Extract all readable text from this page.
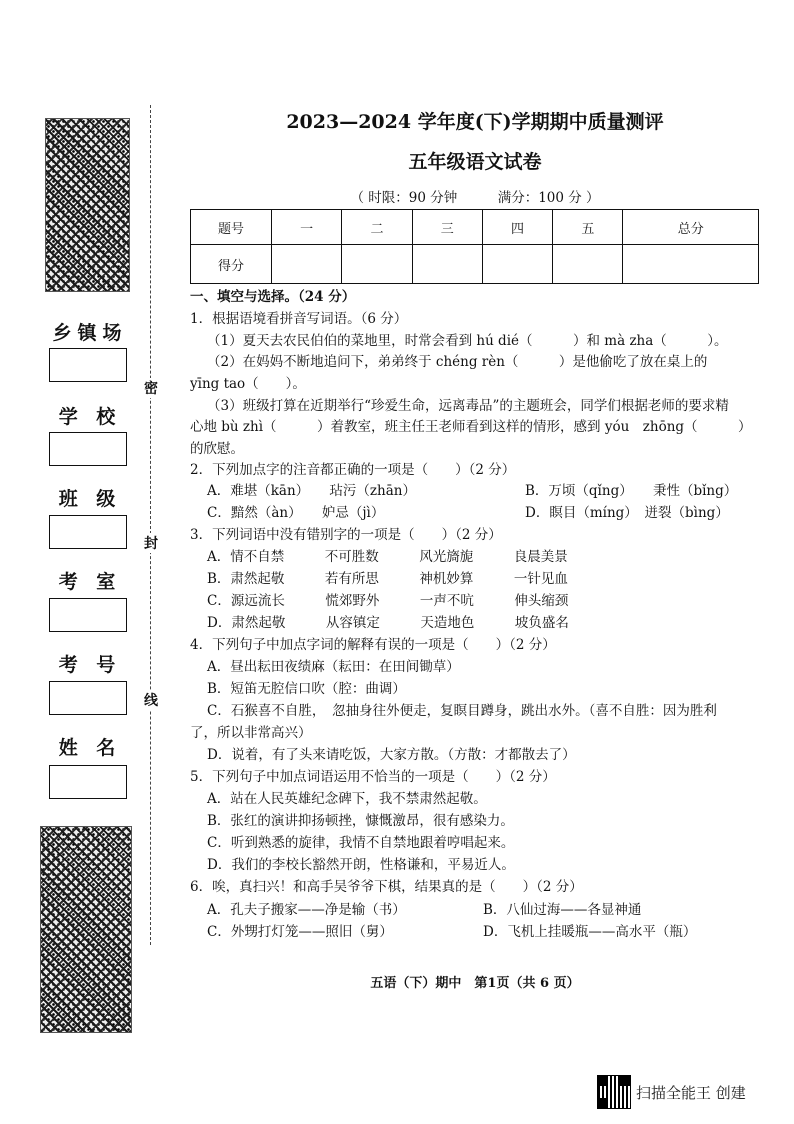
乡镇场
学 校
班 级
考 室
考 号
姓 名
密
封
线
2023—2024 学年度(下)学期期中质量测评
五年级语文试卷
（ 时限：90 分钟　　　满分：100 分 ）
题号	一	二	三	四	五	总分
得分						
一、填空与选择。（24 分）
1．根据语境看拼音写词语。（6 分）
（1）夏天去农民伯伯的菜地里，时常会看到 hú dié（　　　）和 mà zha（　　　）。
（2）在妈妈不断地追问下，弟弟终于 chéng rèn（　　　）是他偷吃了放在桌上的
yīng tao（　　）。
（3）班级打算在近期举行“珍爱生命，远离毒品”的主题班会，同学们根据老师的要求精
心地 bù zhì（　　　）着教室，班主任王老师看到这样的情形，感到 yóu　zhōng（　　　）
的欣慰。
2．下列加点字的注音都正确的一项是（　　）（2 分）
A．难堪（kān）　　玷污（zhān）	B．万顷（qǐng）　　秉性（bǐng）
C．黯然（àn）　　妒忌（jì）	D．瞑目（míng）　迸裂（bìng）
3．下列词语中没有错别字的一项是（　　）（2 分）
A．情不自禁　　　不可胜数　　　风光旖旎　　　良晨美景
B．肃然起敬　　　若有所思　　　神机妙算　　　一针见血
C．源远流长　　　慌郊野外　　　一声不吭　　　伸头缩颈
D．肃然起敬　　　从容镇定　　　天造地色　　　坡负盛名
4．下列句子中加点字词的解释有误的一项是（　　）（2 分）
A．昼出耘田夜绩麻（耘田：在田间锄草）
B．短笛无腔信口吹（腔：曲调）
C．石猴喜不自胜，　忽抽身往外便走，复瞑目蹲身，跳出水外。（喜不自胜：因为胜利
了，所以非常高兴）
D．说着，有了头来请吃饭，大家方散。（方散：才都散去了）
5．下列句子中加点词语运用不恰当的一项是（　　）（2 分）
A．站在人民英雄纪念碑下，我不禁肃然起敬。
B．张红的演讲抑扬顿挫，慷慨激昂，很有感染力。
C．听到熟悉的旋律，我情不自禁地跟着哼唱起来。
D．我们的李校长豁然开朗，性格谦和，平易近人。
6．唉，真扫兴！和高手吴爷爷下棋，结果真的是（　　）（2 分）
A．孔夫子搬家——净是输（书）	B．八仙过海——各显神通
C．外甥打灯笼——照旧（舅）	D．飞机上挂暖瓶——高水平（瓶）
五语（下）期中　第1页（共 6 页）
扫描全能王 创建
